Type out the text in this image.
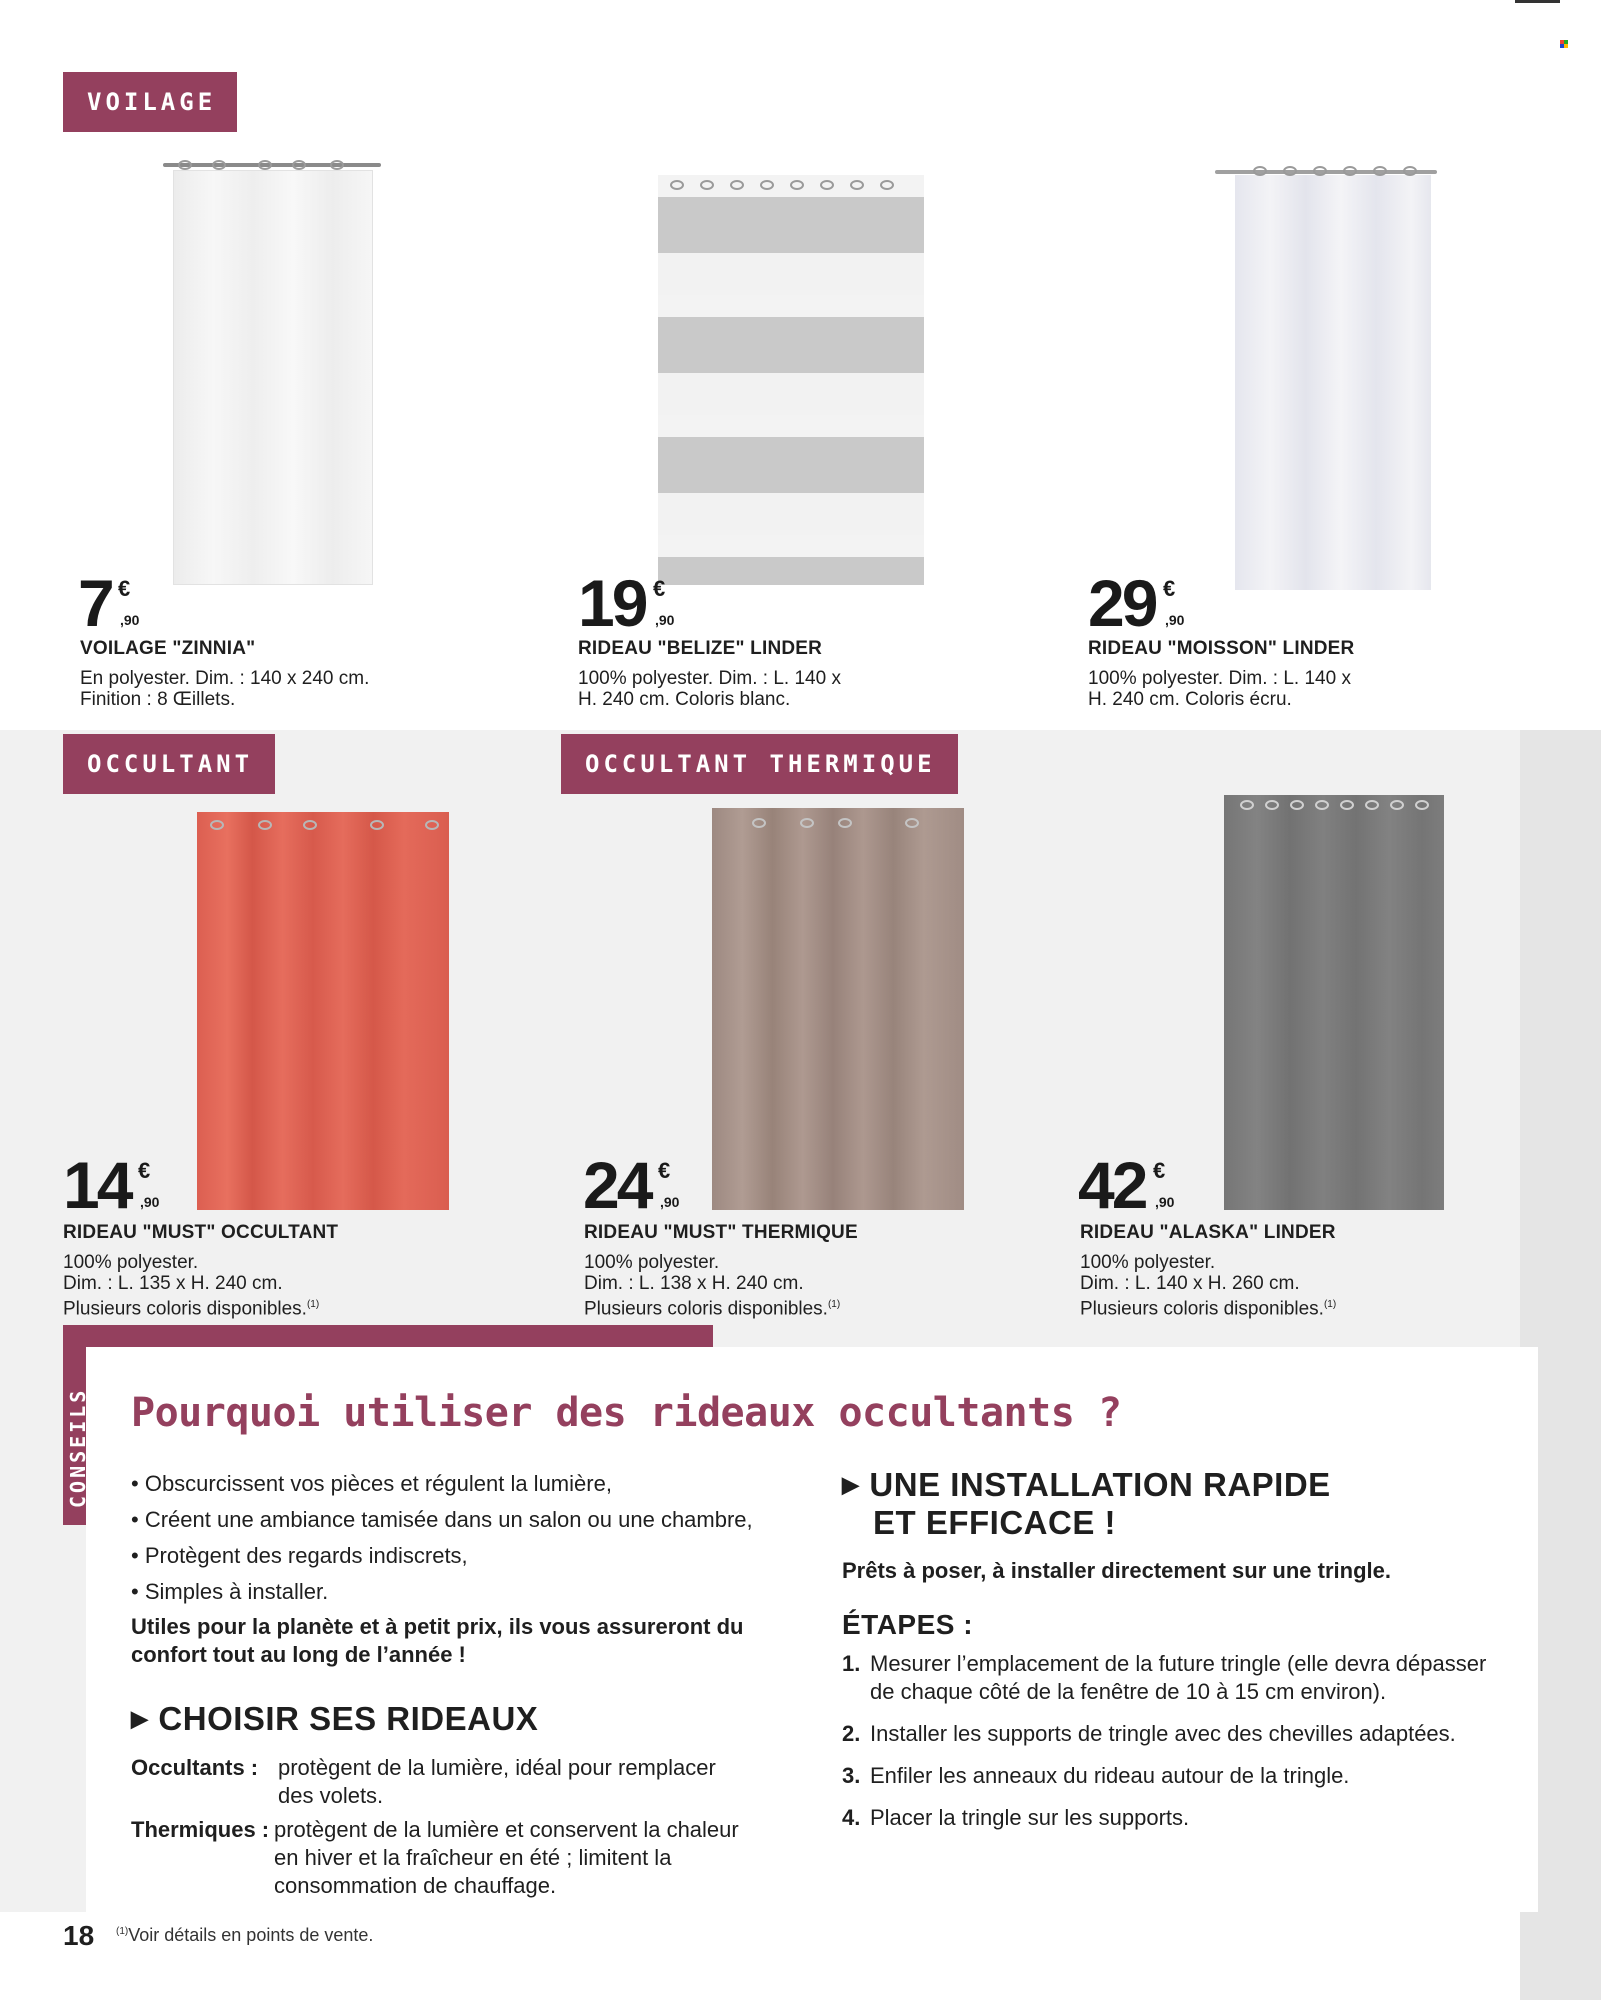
VOILAGE
OCCULTANT	OCCULTANT THERMIQUE
7 €
,90
VOILAGE "ZINNIA"
En polyester. Dim. : 140 x 240 cm.
Finition : 8 Œillets.
19 €
,90
RIDEAU "BELIZE" LINDER
100% polyester. Dim. : L. 140 x
H. 240 cm. Coloris blanc.
29 €
,90
RIDEAU "MOISSON" LINDER
100% polyester. Dim. : L. 140 x
H. 240 cm. Coloris écru.
14 €
,90
RIDEAU "MUST" OCCULTANT
100% polyester.
Dim. : L. 135 x H. 240 cm.
Plusieurs coloris disponibles.$^{(1)}$
24 €
,90
RIDEAU "MUST" THERMIQUE
100% polyester.
Dim. : L. 138 x H. 240 cm.
Plusieurs coloris disponibles.$^{(1)}$
42 €
,90
RIDEAU "ALASKA" LINDER
100% polyester.
Dim. : L. 140 x H. 260 cm.
Plusieurs coloris disponibles.$^{(1)}$
CONSEILS Pourquoi utiliser des rideaux occultants ?
• Obscurcissent vos pièces et régulent la lumière,
• Créent une ambiance tamisée dans un salon ou une chambre,
• Protègent des regards indiscrets,
• Simples à installer.
Utiles pour la planète et à petit prix, ils vous assureront du
confort tout au long de l’année !
▶ CHOISIR SES RIDEAUX
Occultants : protègent de la lumière, idéal pour remplacer
des volets.
Thermiques : protègent de la lumière et conservent la chaleur
en hiver et la fraîcheur en été ; limitent la
consommation de chauffage.
▶ UNE INSTALLATION RAPIDE
ET EFFICACE !
Prêts à poser, à installer directement sur une tringle.
ÉTAPES :
1. Mesurer l’emplacement de la future tringle (elle devra dépasser
de chaque côté de la fenêtre de 10 à 15 cm environ).
2. Installer les supports de tringle avec des chevilles adaptées.
3. Enfiler les anneaux du rideau autour de la tringle.
4. Placer la tringle sur les supports.
18 $^{(1)}$Voir détails en points de vente.
